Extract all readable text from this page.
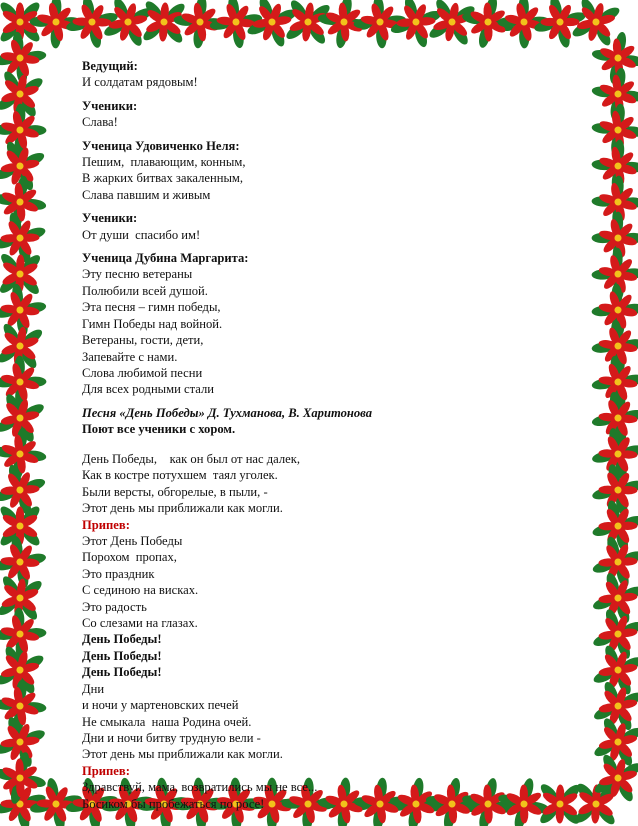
Ведущий:
И солдатам рядовым!
Ученики:
Слава!
Ученица Удовиченко Неля:
Пешим,  плавающим, конным,
В жарких битвах закаленным,
Слава павшим и живым
Ученики:
От души  спасибо им!
Ученица Дубина Маргарита:
Эту песню ветераны
Полюбили всей душой.
Эта песня – гимн победы,
Гимн Победы над войной.
Ветераны, гости, дети,
Запевайте с нами.
Слова любимой песни
Для всех родными стали
Песня «День Победы» Д. Тухманова, В. Харитонова
Поют все ученики с хором.
День Победы,    как он был от нас далек,
Как в костре потухшем  таял уголек.
Были версты, обгорелые, в пыли, -
Этот день мы приближали как могли.
Припев:
Этот День Победы
Порохом  пропах,
Это праздник
С сединою на висках.
Это радость
Со слезами на глазах.
День Победы!
День Победы!
День Победы!
Дни
и ночи у мартеновских печей
Не смыкала  наша Родина очей.
Дни и ночи битву трудную вели -
Этот день мы приближали как могли.
Припев:
Здравствуй, мама, возвратились мы не все...
Босиком бы пробежаться по росе!
